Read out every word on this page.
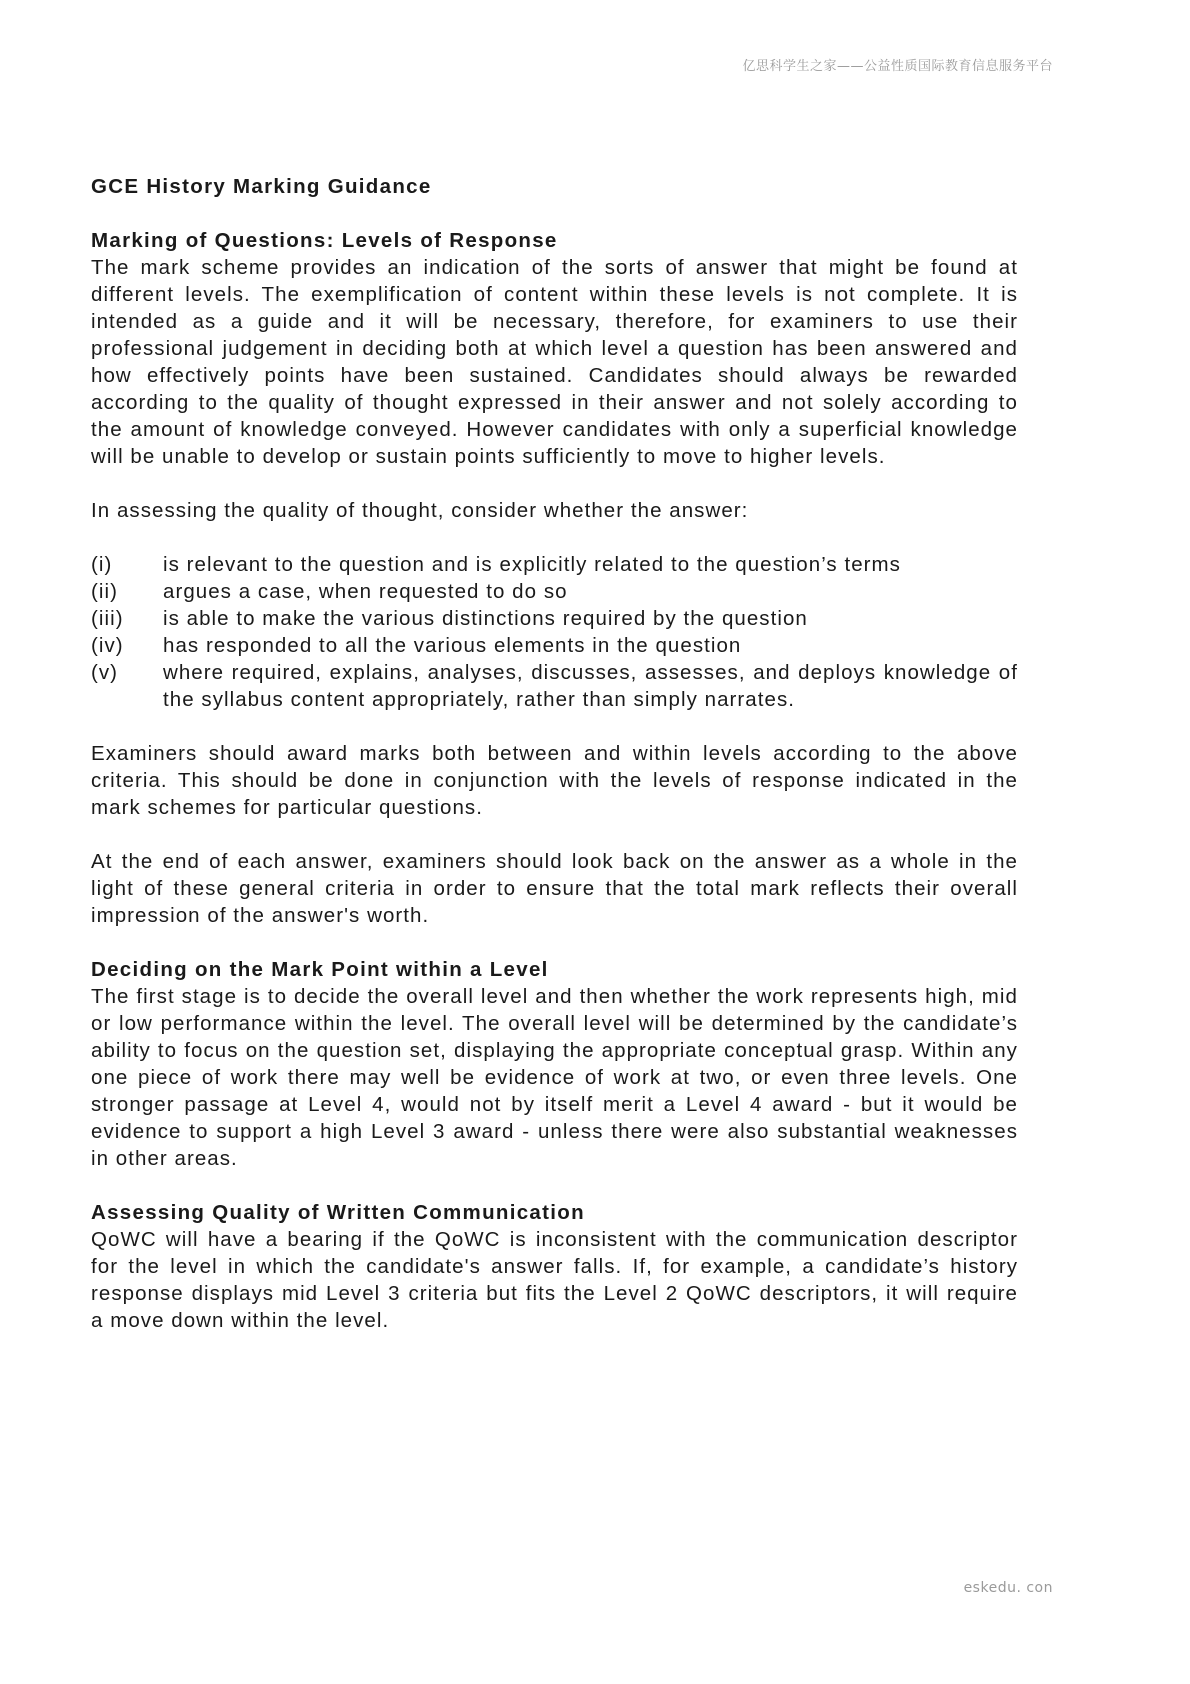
亿思科学生之家——公益性质国际教育信息服务平台
GCE History Marking Guidance
Marking of Questions: Levels of Response

The mark scheme provides an indication of the sorts of answer that might be found at different levels. The exemplification of content within these levels is not complete. It is intended as a guide and it will be necessary, therefore, for examiners to use their professional judgement in deciding both at which level a question has been answered and how effectively points have been sustained. Candidates should always be rewarded according to the quality of thought expressed in their answer and not solely according to the amount of knowledge conveyed. However candidates with only a superficial knowledge will be unable to develop or sustain points sufficiently to move to higher levels.

In assessing the quality of thought, consider whether the answer:

(i)	is relevant to the question and is explicitly related to the question’s terms
(ii)	argues a case, when requested to do so
(iii)	is able to make the various distinctions required by the question
(iv)	has responded to all the various elements in the question
(v)	where required, explains, analyses, discusses, assesses, and deploys knowledge of the syllabus content appropriately, rather than simply narrates.

Examiners should award marks both between and within levels according to the above criteria. This should be done in conjunction with the levels of response indicated in the mark schemes for particular questions.

At the end of each answer, examiners should look back on the answer as a whole in the light of these general criteria in order to ensure that the total mark reflects their overall impression of the answer's worth.

Deciding on the Mark Point within a Level

The first stage is to decide the overall level and then whether the work represents high, mid or low performance within the level. The overall level will be determined by the candidate’s ability to focus on the question set, displaying the appropriate conceptual grasp. Within any one piece of work there may well be evidence of work at two, or even three levels. One stronger passage at Level 4, would not by itself merit a Level 4 award - but it would be evidence to support a high Level 3 award - unless there were also substantial weaknesses in other areas.

Assessing Quality of Written Communication

QoWC will have a bearing if the QoWC is inconsistent with the communication descriptor for the level in which the candidate's answer falls. If, for example, a candidate’s history response displays mid Level 3 criteria but fits the Level 2 QoWC descriptors, it will require a move down within the level.

eskedu. con
